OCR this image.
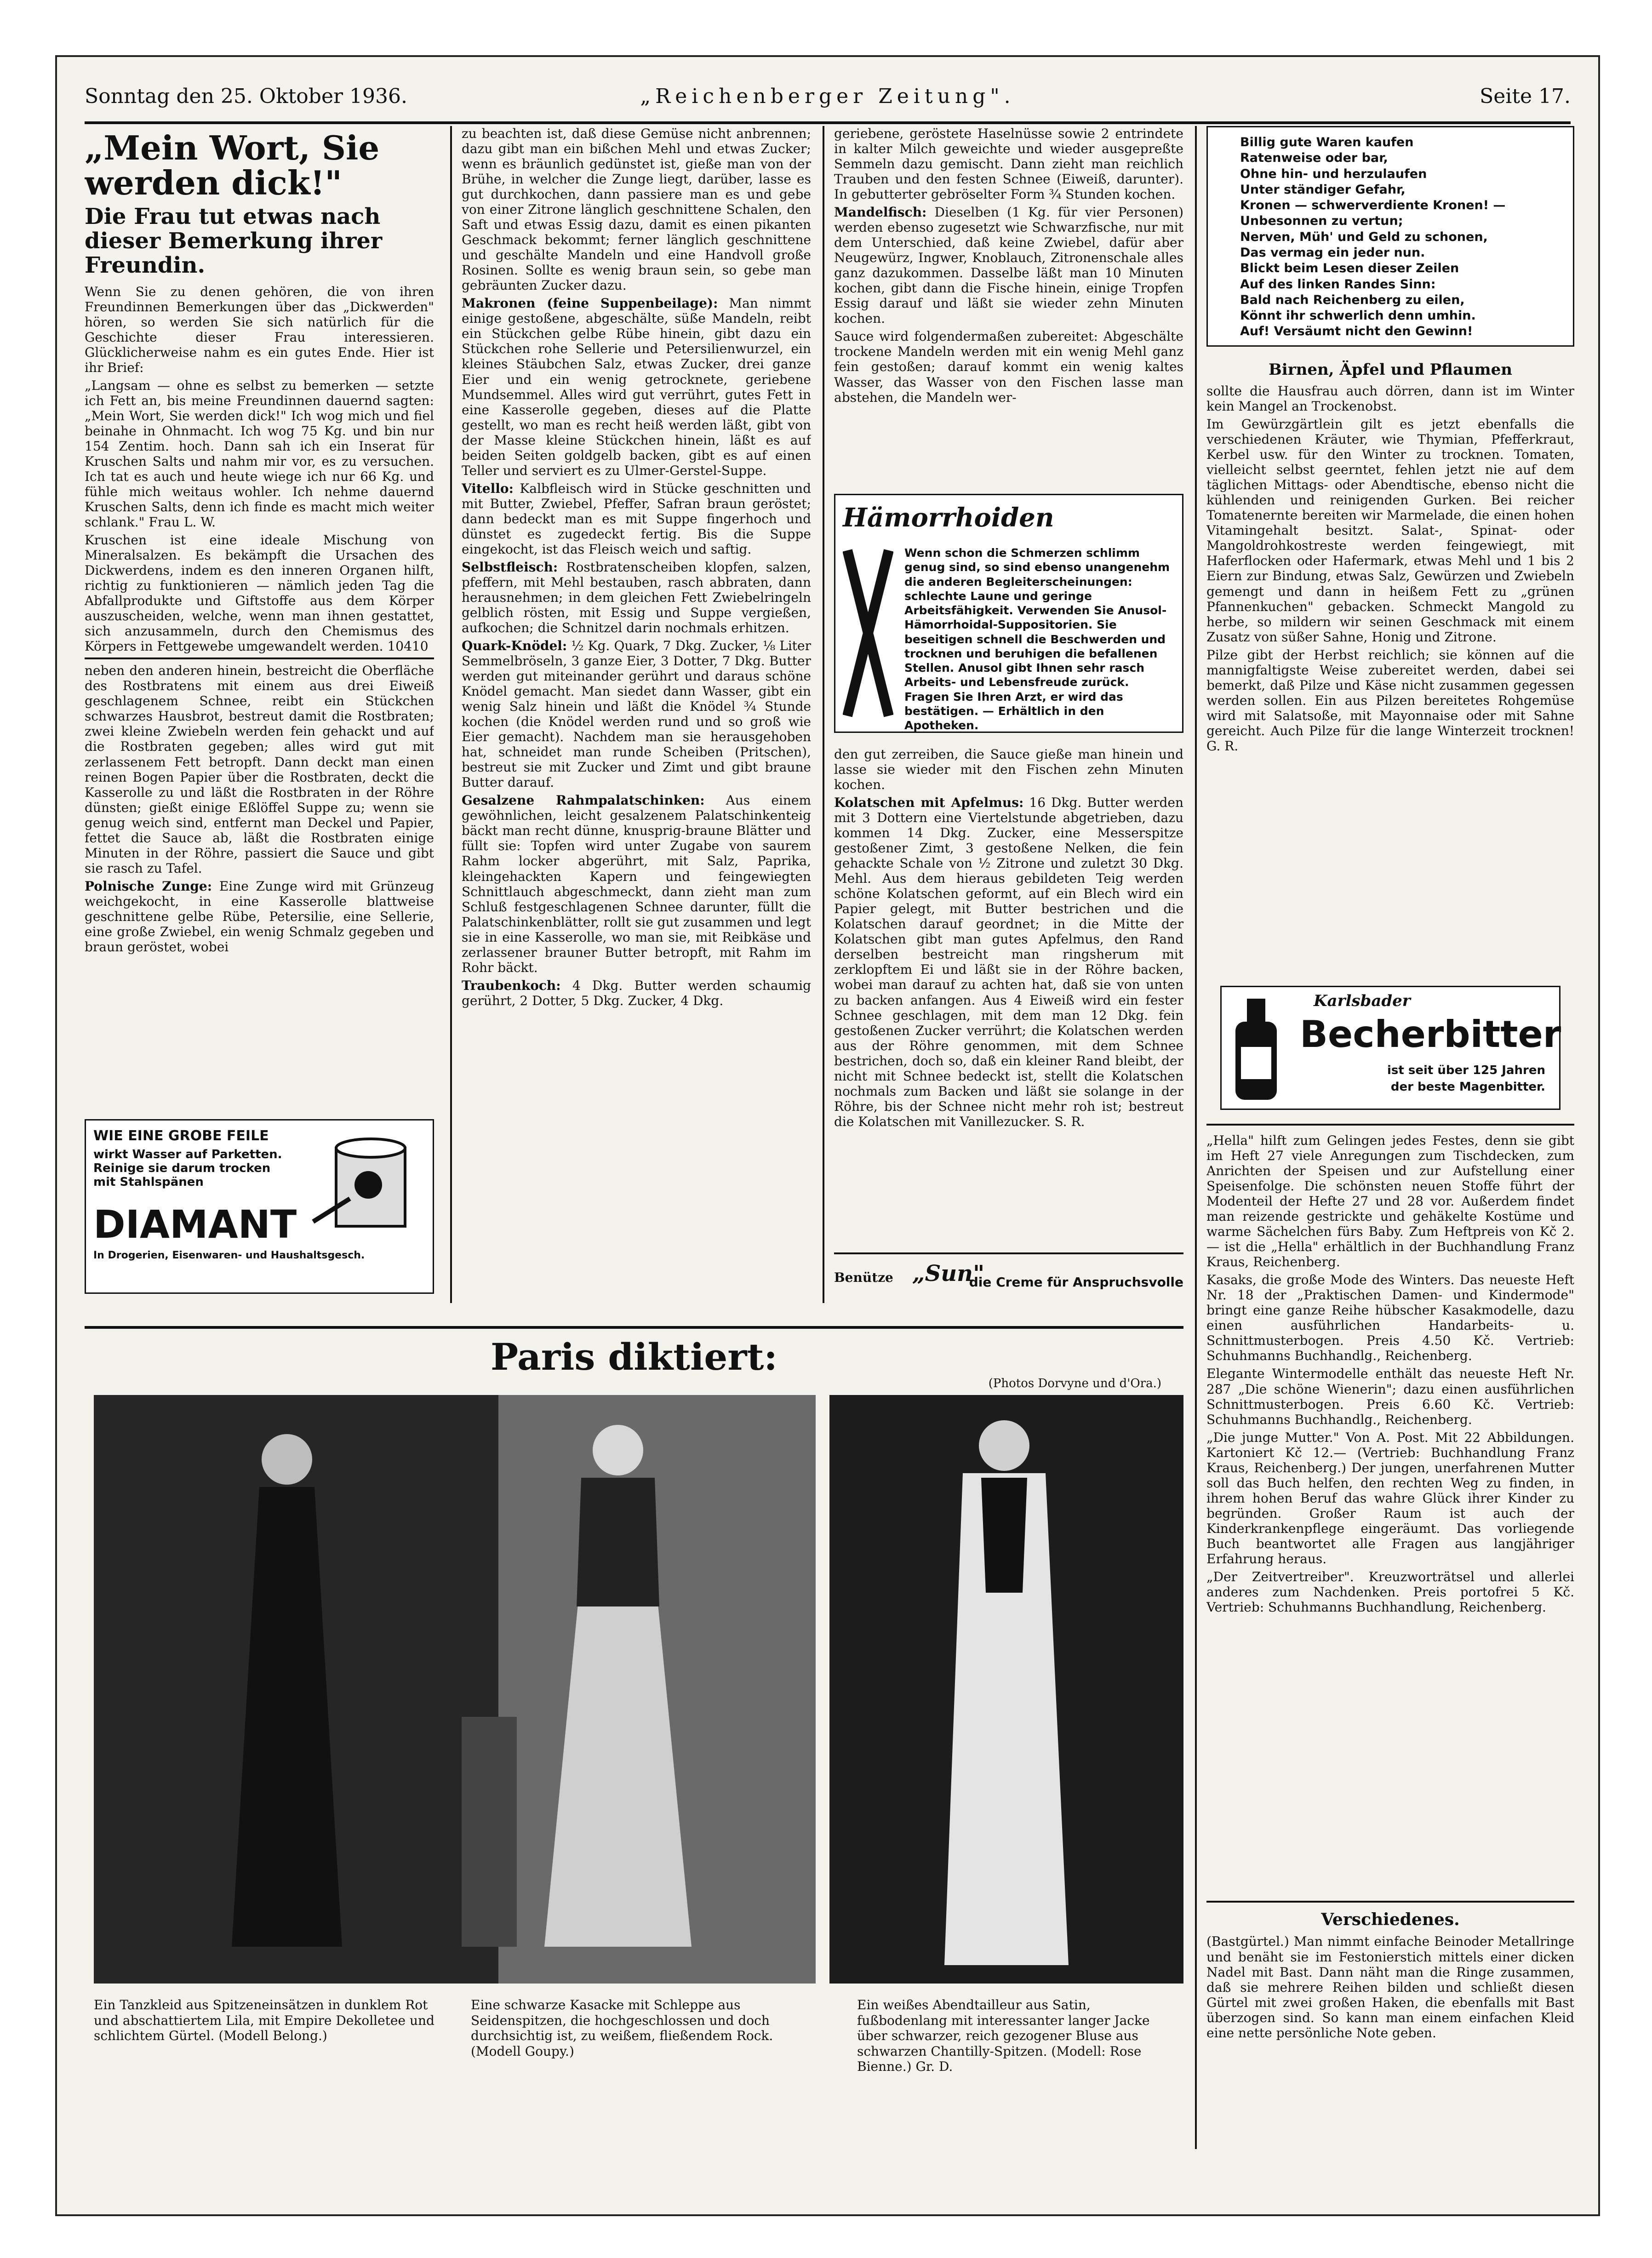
Sonntag den 25. Oktober 1936.	„Reichenberger Zeitung".	Seite 17.
„Mein Wort, Sie werden dick!"
Die Frau tut etwas nach dieser Bemerkung ihrer Freundin.

Wenn Sie zu denen gehören, die von ihren Freundinnen Bemerkungen über das „Dickwerden" hören, so werden Sie sich natürlich für die Geschichte dieser Frau interessieren. Glücklicherweise nahm es ein gutes Ende. Hier ist ihr Brief:

„Langsam — ohne es selbst zu bemerken — setzte ich Fett an, bis meine Freundinnen dauernd sagten: „Mein Wort, Sie werden dick!" Ich wog mich und fiel beinahe in Ohnmacht. Ich wog 75 Kg. und bin nur 154 Zentim. hoch. Dann sah ich ein Inserat für Kruschen Salts und nahm mir vor, es zu versuchen. Ich tat es auch und heute wiege ich nur 66 Kg. und fühle mich weitaus wohler. Ich nehme dauernd Kruschen Salts, denn ich finde es macht mich weiter schlank." Frau L. W.

Kruschen ist eine ideale Mischung von Mineralsalzen. Es bekämpft die Ursachen des Dickwerdens, indem es den inneren Organen hilft, richtig zu funktionieren — nämlich jeden Tag die Abfallprodukte und Giftstoffe aus dem Körper auszuscheiden, welche, wenn man ihnen gestattet, sich anzusammeln, durch den Chemismus des Körpers in Fettgewebe umgewandelt werden. 10410

neben den anderen hinein, bestreicht die Oberfläche des Rostbratens mit einem aus drei Eiweiß geschlagenem Schnee, reibt ein Stückchen schwarzes Hausbrot, bestreut damit die Rostbraten; zwei kleine Zwiebeln werden fein gehackt und auf die Rostbraten gegeben; alles wird gut mit zerlassenem Fett betropft. Dann deckt man einen reinen Bogen Papier über die Rostbraten, deckt die Kasserolle zu und läßt die Rostbraten in der Röhre dünsten; gießt einige Eßlöffel Suppe zu; wenn sie genug weich sind, entfernt man Deckel und Papier, fettet die Sauce ab, läßt die Rostbraten einige Minuten in der Röhre, passiert die Sauce und gibt sie rasch zu Tafel.

Polnische Zunge: Eine Zunge wird mit Grünzeug weichgekocht, in eine Kasserolle blattweise geschnittene gelbe Rübe, Petersilie, eine Sellerie, eine große Zwiebel, ein wenig Schmalz gegeben und braun geröstet, wobei

WIE EINE GROBE FEILE
wirkt Wasser auf Parketten.
Reinige sie darum trocken
mit Stahlspänen
DIAMANT
In Drogerien, Eisenwaren- und Haushaltsgesch.

zu beachten ist, daß diese Gemüse nicht anbrennen; dazu gibt man ein bißchen Mehl und etwas Zucker; wenn es bräunlich gedünstet ist, gieße man von der Brühe, in welcher die Zunge liegt, darüber, lasse es gut durchkochen, dann passiere man es und gebe von einer Zitrone länglich geschnittene Schalen, den Saft und etwas Essig dazu, damit es einen pikanten Geschmack bekommt; ferner länglich geschnittene und geschälte Mandeln und eine Handvoll große Rosinen. Sollte es wenig braun sein, so gebe man gebräunten Zucker dazu.

Makronen (feine Suppenbeilage): Man nimmt einige gestoßene, abgeschälte, süße Mandeln, reibt ein Stückchen gelbe Rübe hinein, gibt dazu ein Stückchen rohe Sellerie und Petersilienwurzel, ein kleines Stäubchen Salz, etwas Zucker, drei ganze Eier und ein wenig getrocknete, geriebene Mundsemmel. Alles wird gut verrührt, gutes Fett in eine Kasserolle gegeben, dieses auf die Platte gestellt, wo man es recht heiß werden läßt, gibt von der Masse kleine Stückchen hinein, läßt es auf beiden Seiten goldgelb backen, gibt es auf einen Teller und serviert es zu Ulmer-Gerstel-Suppe.

Vitello: Kalbfleisch wird in Stücke geschnitten und mit Butter, Zwiebel, Pfeffer, Safran braun geröstet; dann bedeckt man es mit Suppe fingerhoch und dünstet es zugedeckt fertig. Bis die Suppe eingekocht, ist das Fleisch weich und saftig.

Selbstfleisch: Rostbratenscheiben klopfen, salzen, pfeffern, mit Mehl bestauben, rasch abbraten, dann herausnehmen; in dem gleichen Fett Zwiebelringeln gelblich rösten, mit Essig und Suppe vergießen, aufkochen; die Schnitzel darin nochmals erhitzen.

Quark-Knödel: ½ Kg. Quark, 7 Dkg. Zucker, ⅛ Liter Semmelbröseln, 3 ganze Eier, 3 Dotter, 7 Dkg. Butter werden gut miteinander gerührt und daraus schöne Knödel gemacht. Man siedet dann Wasser, gibt ein wenig Salz hinein und läßt die Knödel ¾ Stunde kochen (die Knödel werden rund und so groß wie Eier gemacht). Nachdem man sie herausgehoben hat, schneidet man runde Scheiben (Pritschen), bestreut sie mit Zucker und Zimt und gibt braune Butter darauf.

Gesalzene Rahmpalatschinken: Aus einem gewöhnlichen, leicht gesalzenem Palatschinkenteig bäckt man recht dünne, knusprig-braune Blätter und füllt sie: Topfen wird unter Zugabe von saurem Rahm locker abgerührt, mit Salz, Paprika, kleingehackten Kapern und feingewiegten Schnittlauch abgeschmeckt, dann zieht man zum Schluß festgeschlagenen Schnee darunter, füllt die Palatschinkenblätter, rollt sie gut zusammen und legt sie in eine Kasserolle, wo man sie, mit Reibkäse und zerlassener brauner Butter betropft, mit Rahm im Rohr bäckt.

Traubenkoch: 4 Dkg. Butter werden schaumig gerührt, 2 Dotter, 5 Dkg. Zucker, 4 Dkg.

geriebene, geröstete Haselnüsse sowie 2 entrindete in kalter Milch geweichte und wieder ausgepreßte Semmeln dazu gemischt. Dann zieht man reichlich Trauben und den festen Schnee (Eiweiß, darunter). In gebutterter gebröselter Form ¾ Stunden kochen.

Mandelfisch: Dieselben (1 Kg. für vier Personen) werden ebenso zugesetzt wie Schwarzfische, nur mit dem Unterschied, daß keine Zwiebel, dafür aber Neugewürz, Ingwer, Knoblauch, Zitronenschale alles ganz dazukommen. Dasselbe läßt man 10 Minuten kochen, gibt dann die Fische hinein, einige Tropfen Essig darauf und läßt sie wieder zehn Minuten kochen.

Sauce wird folgendermaßen zubereitet: Abgeschälte trockene Mandeln werden mit ein wenig Mehl ganz fein gestoßen; darauf kommt ein wenig kaltes Wasser, das Wasser von den Fischen lasse man abstehen, die Mandeln wer-

Hämorrhoiden
Wenn schon die Schmerzen schlimm genug sind, so sind ebenso unangenehm die anderen Begleiterscheinungen: schlechte Laune und geringe Arbeitsfähigkeit. Verwenden Sie Anusol-Hämorrhoidal-Suppositorien. Sie beseitigen schnell die Beschwerden und trocknen und beruhigen die befallenen Stellen. Anusol gibt Ihnen sehr rasch Arbeits- und Lebensfreude zurück. Fragen Sie Ihren Arzt, er wird das bestätigen. — Erhältlich in den Apotheken.

den gut zerreiben, die Sauce gieße man hinein und lasse sie wieder mit den Fischen zehn Minuten kochen.

Kolatschen mit Apfelmus: 16 Dkg. Butter werden mit 3 Dottern eine Viertelstunde abgetrieben, dazu kommen 14 Dkg. Zucker, eine Messerspitze gestoßener Zimt, 3 gestoßene Nelken, die fein gehackte Schale von ½ Zitrone und zuletzt 30 Dkg. Mehl. Aus dem hieraus gebildeten Teig werden schöne Kolatschen geformt, auf ein Blech wird ein Papier gelegt, mit Butter bestrichen und die Kolatschen darauf geordnet; in die Mitte der Kolatschen gibt man gutes Apfelmus, den Rand derselben bestreicht man ringsherum mit zerklopftem Ei und läßt sie in der Röhre backen, wobei man darauf zu achten hat, daß sie von unten zu backen anfangen. Aus 4 Eiweiß wird ein fester Schnee geschlagen, mit dem man 12 Dkg. fein gestoßenen Zucker verrührt; die Kolatschen werden aus der Röhre genommen, mit dem Schnee bestrichen, doch so, daß ein kleiner Rand bleibt, der nicht mit Schnee bedeckt ist, stellt die Kolatschen nochmals zum Backen und läßt sie solange in der Röhre, bis der Schnee nicht mehr roh ist; bestreut die Kolatschen mit Vanillezucker. S. R.

Benütze „Sun"
die Creme für Anspruchsvolle
Billig gute Waren kaufen
Ratenweise oder bar,
Ohne hin- und herzulaufen
Unter ständiger Gefahr,
Kronen — schwerverdiente Kronen! —
Unbesonnen zu vertun;
Nerven, Müh' und Geld zu schonen,
Das vermag ein jeder nun.
Blickt beim Lesen dieser Zeilen
Auf des linken Randes Sinn:
Bald nach Reichenberg zu eilen,
Könnt ihr schwerlich denn umhin.
Auf! Versäumt nicht den Gewinn!
Birnen, Äpfel und Pflaumen

sollte die Hausfrau auch dörren, dann ist im Winter kein Mangel an Trockenobst.

Im Gewürzgärtlein gilt es jetzt ebenfalls die verschiedenen Kräuter, wie Thymian, Pfefferkraut, Kerbel usw. für den Winter zu trocknen. Tomaten, vielleicht selbst geerntet, fehlen jetzt nie auf dem täglichen Mittags- oder Abendtische, ebenso nicht die kühlenden und reinigenden Gurken. Bei reicher Tomatenernte bereiten wir Marmelade, die einen hohen Vitamingehalt besitzt. Salat-, Spinat- oder Mangoldrohkostreste werden feingewiegt, mit Haferflocken oder Hafermark, etwas Mehl und 1 bis 2 Eiern zur Bindung, etwas Salz, Gewürzen und Zwiebeln gemengt und dann in heißem Fett zu „grünen Pfannenkuchen" gebacken. Schmeckt Mangold zu herbe, so mildern wir seinen Geschmack mit einem Zusatz von süßer Sahne, Honig und Zitrone.

Pilze gibt der Herbst reichlich; sie können auf die mannigfaltigste Weise zubereitet werden, dabei sei bemerkt, daß Pilze und Käse nicht zusammen gegessen werden sollen. Ein aus Pilzen bereitetes Rohgemüse wird mit Salatsoße, mit Mayonnaise oder mit Sahne gereicht. Auch Pilze für die lange Winterzeit trocknen! G. R.

Karlsbader
Becherbitter
ist seit über 125 Jahren
der beste Magenbitter.

„Hella" hilft zum Gelingen jedes Festes, denn sie gibt im Heft 27 viele Anregungen zum Tischdecken, zum Anrichten der Speisen und zur Aufstellung einer Speisenfolge. Die schönsten neuen Stoffe führt der Modenteil der Hefte 27 und 28 vor. Außerdem findet man reizende gestrickte und gehäkelte Kostüme und warme Sächelchen fürs Baby. Zum Heftpreis von Kč 2.— ist die „Hella" erhältlich in der Buchhandlung Franz Kraus, Reichenberg.

Kasaks, die große Mode des Winters. Das neueste Heft Nr. 18 der „Praktischen Damen- und Kindermode" bringt eine ganze Reihe hübscher Kasakmodelle, dazu einen ausführlichen Handarbeits- u. Schnittmusterbogen. Preis 4.50 Kč. Vertrieb: Schuhmanns Buchhandlg., Reichenberg.

Elegante Wintermodelle enthält das neueste Heft Nr. 287 „Die schöne Wienerin"; dazu einen ausführlichen Schnittmusterbogen. Preis 6.60 Kč. Vertrieb: Schuhmanns Buchhandlg., Reichenberg.

„Die junge Mutter." Von A. Post. Mit 22 Abbildungen. Kartoniert Kč 12.— (Vertrieb: Buchhandlung Franz Kraus, Reichenberg.) Der jungen, unerfahrenen Mutter soll das Buch helfen, den rechten Weg zu finden, in ihrem hohen Beruf das wahre Glück ihrer Kinder zu begründen. Großer Raum ist auch der Kinderkrankenpflege eingeräumt. Das vorliegende Buch beantwortet alle Fragen aus langjähriger Erfahrung heraus.

„Der Zeitvertreiber". Kreuzworträtsel und allerlei anderes zum Nachdenken. Preis portofrei 5 Kč. Vertrieb: Schuhmanns Buchhandlung, Reichenberg.

Verschiedenes.

(Bastgürtel.) Man nimmt einfache Beinoder Metallringe und benäht sie im Festonierstich mittels einer dicken Nadel mit Bast. Dann näht man die Ringe zusammen, daß sie mehrere Reihen bilden und schließt diesen Gürtel mit zwei großen Haken, die ebenfalls mit Bast überzogen sind. So kann man einem einfachen Kleid eine nette persönliche Note geben.

Paris diktiert:
(Photos Dorvyne und d'Ora.)
Ein Tanzkleid aus Spitzeneinsätzen in dunklem Rot und abschattiertem Lila, mit Empire Dekolletee und schlichtem Gürtel. (Modell Belong.)
Eine schwarze Kasacke mit Schleppe aus Seidenspitzen, die hochgeschlossen und doch durchsichtig ist, zu weißem, fließendem Rock. (Modell Goupy.)
Ein weißes Abendtailleur aus Satin, fußbodenlang mit interessanter langer Jacke über schwarzer, reich gezogener Bluse aus schwarzen Chantilly-Spitzen. (Modell: Rose Bienne.) Gr. D.
